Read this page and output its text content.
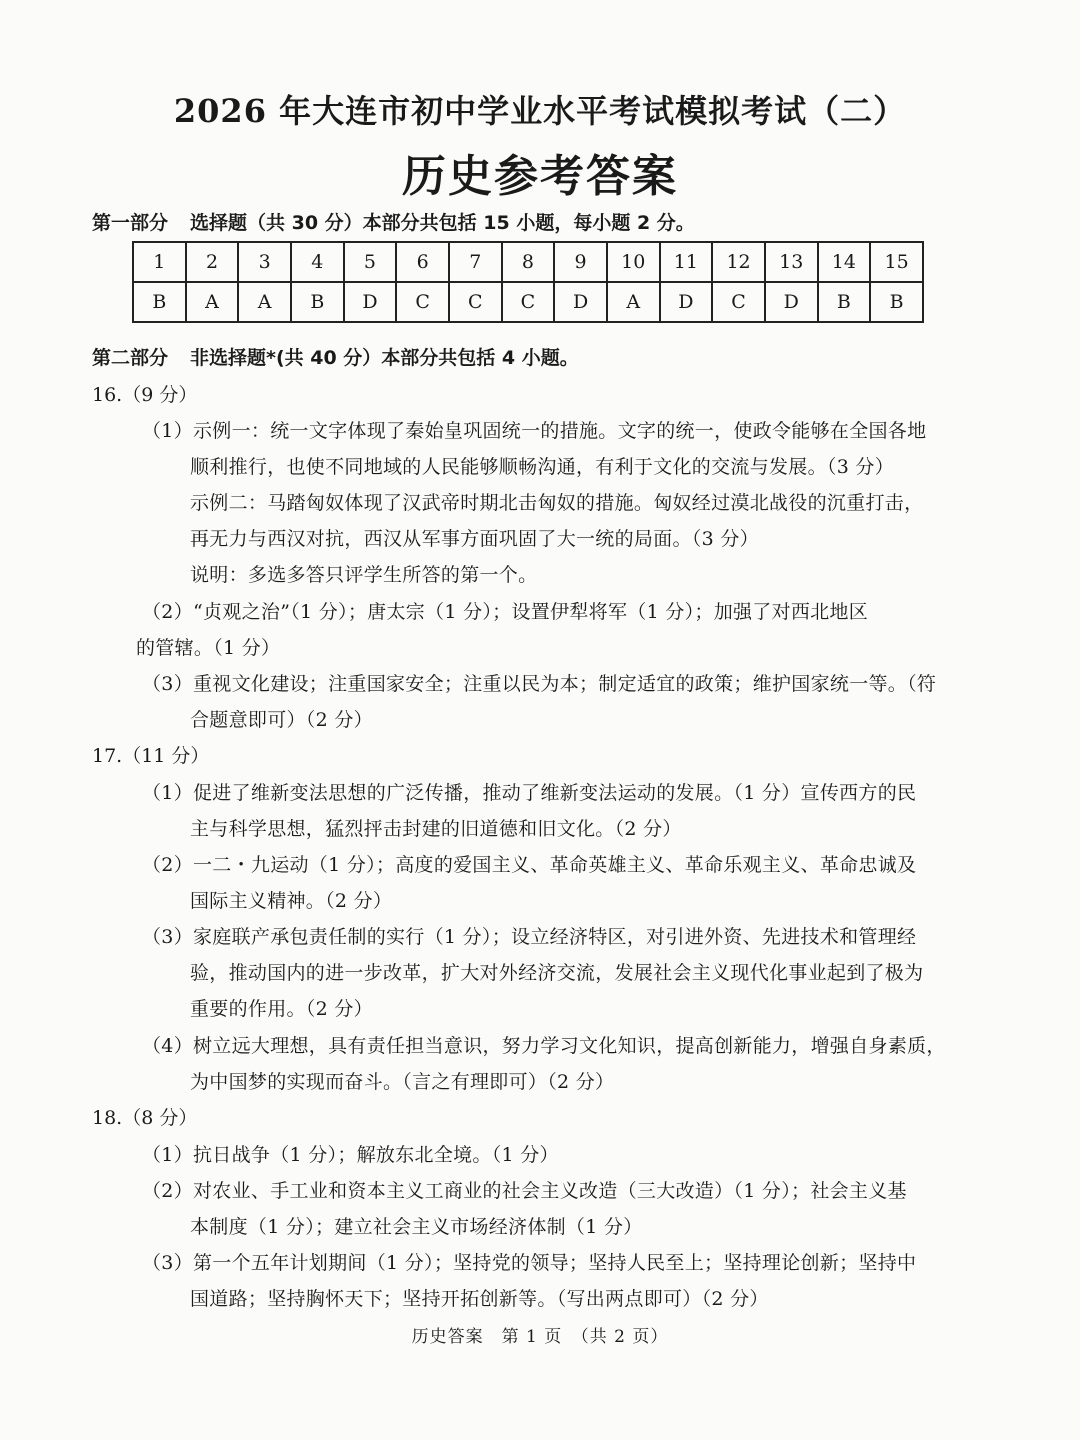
2026 年大连市初中学业水平考试模拟考试（二）
历史参考答案
第一部分 选择题（共 30 分）本部分共包括 15 小题，每小题 2 分。
1	2	3	4	5	6	7	8	9	10	11	12	13	14	15
B	A	A	B	D	C	C	C	D	A	D	C	D	B	B
第二部分 非选择题*(共 40 分）本部分共包括 4 小题。
16.（9 分）
（1）示例一：统一文字体现了秦始皇巩固统一的措施。文字的统一，使政令能够在全国各地
顺利推行，也使不同地域的人民能够顺畅沟通，有利于文化的交流与发展。（3 分）
示例二：马踏匈奴体现了汉武帝时期北击匈奴的措施。匈奴经过漠北战役的沉重打击，
再无力与西汉对抗，西汉从军事方面巩固了大一统的局面。（3 分）
说明：多选多答只评学生所答的第一个。
（2）“贞观之治”（1 分）；唐太宗（1 分）；设置伊犁将军（1 分）；加强了对西北地区
的管辖。（1 分）
（3）重视文化建设；注重国家安全；注重以民为本；制定适宜的政策；维护国家统一等。（符
合题意即可）（2 分）
17.（11 分）
（1）促进了维新变法思想的广泛传播，推动了维新变法运动的发展。（1 分）宣传西方的民
主与科学思想，猛烈抨击封建的旧道德和旧文化。（2 分）
（2）一二・九运动（1 分）；高度的爱国主义、革命英雄主义、革命乐观主义、革命忠诚及
国际主义精神。（2 分）
（3）家庭联产承包责任制的实行（1 分）；设立经济特区，对引进外资、先进技术和管理经
验，推动国内的进一步改革，扩大对外经济交流，发展社会主义现代化事业起到了极为
重要的作用。（2 分）
（4）树立远大理想，具有责任担当意识，努力学习文化知识，提高创新能力，增强自身素质，
为中国梦的实现而奋斗。（言之有理即可）（2 分）
18.（8 分）
（1）抗日战争（1 分）；解放东北全境。（1 分）
（2）对农业、手工业和资本主义工商业的社会主义改造（三大改造）（1 分）；社会主义基
本制度（1 分）；建立社会主义市场经济体制（1 分）
（3）第一个五年计划期间（1 分）；坚持党的领导；坚持人民至上；坚持理论创新；坚持中
国道路；坚持胸怀天下；坚持开拓创新等。（写出两点即可）（2 分）
历史答案　第 1 页　（共 2 页）
